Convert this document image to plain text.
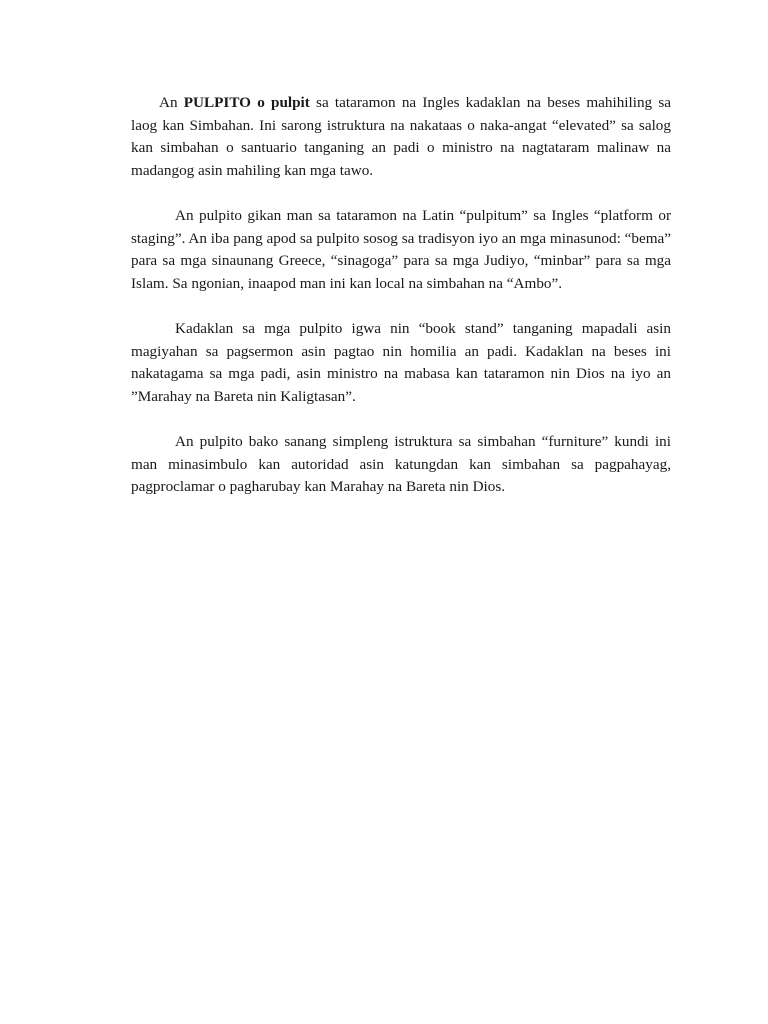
An PULPITO o pulpit sa tataramon na Ingles kadaklan na beses mahihiling sa laog kan Simbahan. Ini sarong istruktura na nakataas o naka-angat “elevated” sa salog kan simbahan o santuario tanganing an padi o ministro na nagtataram malinaw na madangog asin mahiling kan mga tawo.

An pulpito gikan man sa tataramon na Latin “pulpitum” sa Ingles “platform or staging”. An iba pang apod sa pulpito sosog sa tradisyon iyo an mga minasunod: “bema” para sa mga sinaunang Greece, “sinagoga” para sa mga Judiyo, “minbar” para sa mga Islam. Sa ngonian, inaapod man ini kan local na simbahan na “Ambo”.

Kadaklan sa mga pulpito igwa nin “book stand” tanganing mapadali asin magiyahan sa pagsermon asin pagtao nin homilia an padi. Kadaklan na beses ini nakatagama sa mga padi, asin ministro na mabasa kan tataramon nin Dios na iyo an ”Marahay na Bareta nin Kaligtasan”.

An pulpito bako sanang simpleng istruktura sa simbahan “furniture” kundi ini man minasimbulo kan autoridad asin katungdan kan simbahan sa pagpahayag, pagproclamar o pagharubay kan Marahay na Bareta nin Dios.
